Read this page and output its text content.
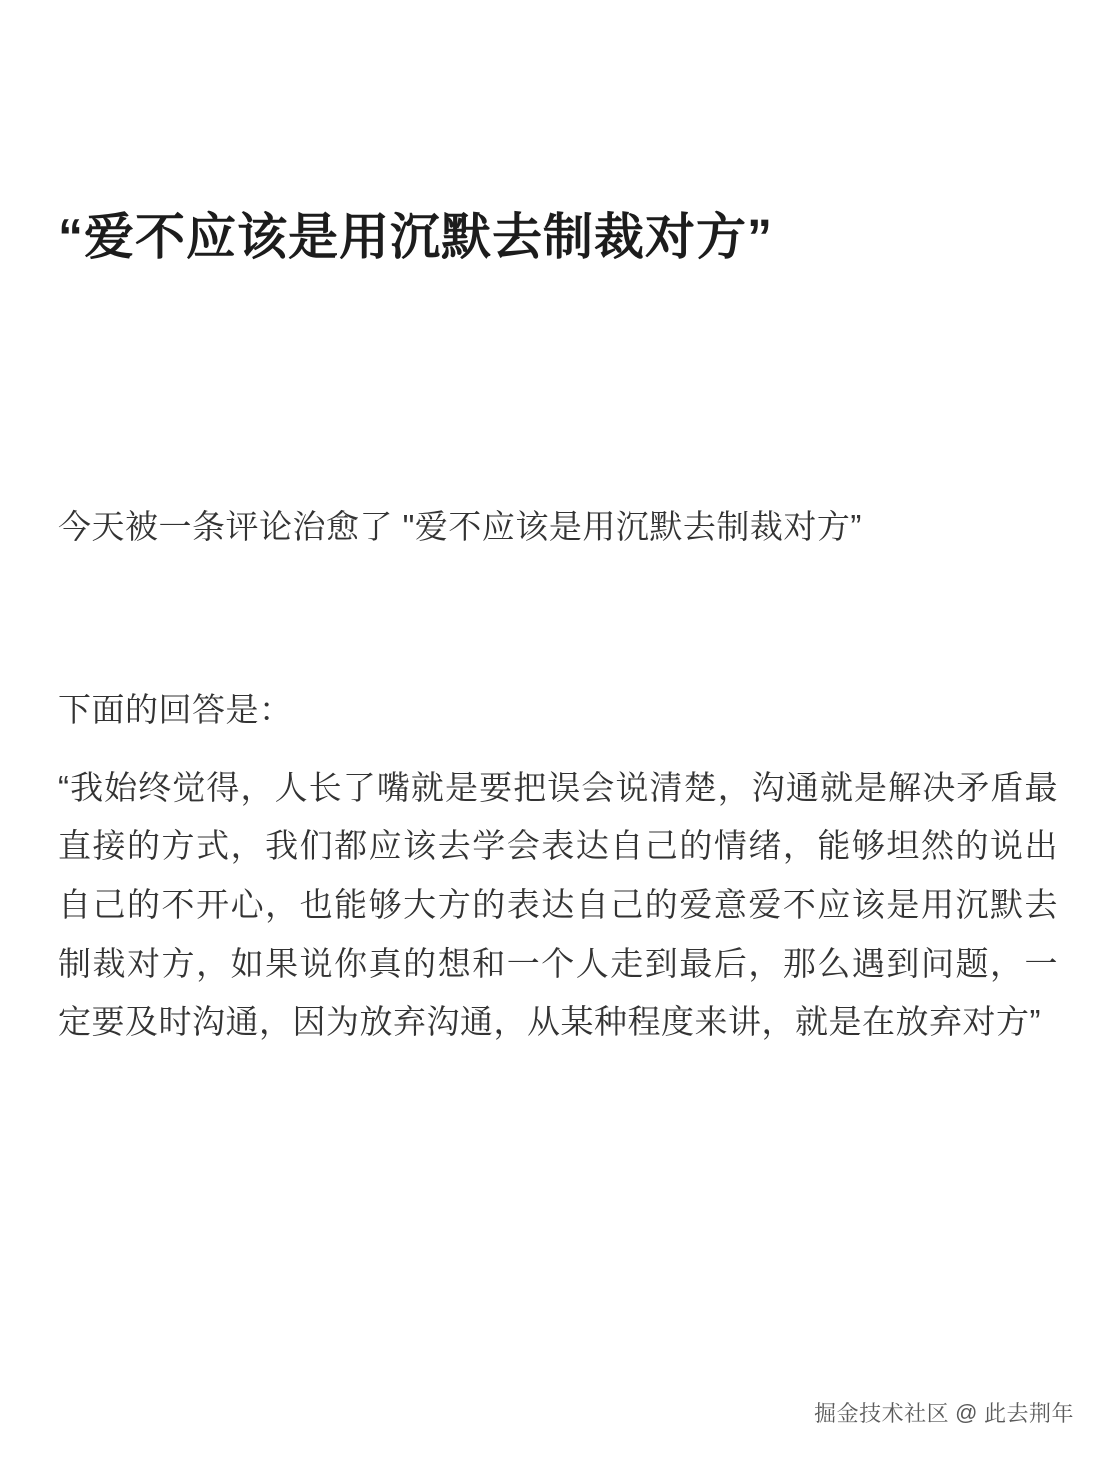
“爱不应该是用沉默去制裁对方”

今天被一条评论治愈了 "爱不应该是用沉默去制裁对方”

下面的回答是：

“我始终觉得，人长了嘴就是要把误会说清楚，沟通就是解决矛盾最直接的方式，我们都应该去学会表达自己的情绪，能够坦然的说出自己的不开心，也能够大方的表达自己的爱意爱不应该是用沉默去制裁对方，如果说你真的想和一个人走到最后，那么遇到问题，一定要及时沟通，因为放弃沟通，从某种程度来讲，就是在放弃对方”

掘金技术社区 @ 此去荆年
